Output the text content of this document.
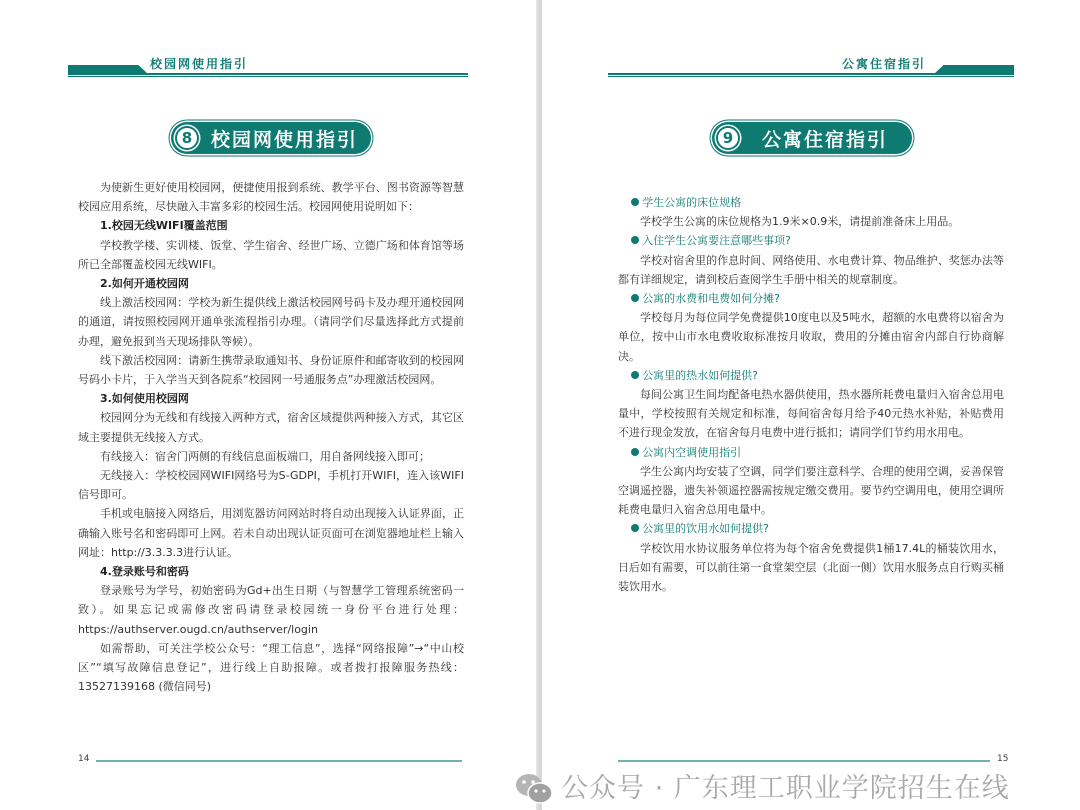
校园网使用指引
8 校园网使用指引

为使新生更好使用校园网，便捷使用报到系统、教学平台、图书资源等智慧校园应用系统，尽快融入丰富多彩的校园生活。校园网使用说明如下：

1.校园无线WIFI覆盖范围

学校教学楼、实训楼、饭堂、学生宿舍、经世广场、立德广场和体育馆等场所已全部覆盖校园无线WIFI。

2.如何开通校园网

线上激活校园网：学校为新生提供线上激活校园网号码卡及办理开通校园网的通道，请按照校园网开通单张流程指引办理。（请同学们尽量选择此方式提前办理，避免报到当天现场排队等候）。

线下激活校园网：请新生携带录取通知书、身份证原件和邮寄收到的校园网号码小卡片，于入学当天到各院系“校园网一号通服务点”办理激活校园网。

3.如何使用校园网

校园网分为无线和有线接入两种方式，宿舍区域提供两种接入方式，其它区域主要提供无线接入方式。

有线接入：宿舍门两侧的有线信息面板端口，用自备网线接入即可；

无线接入：学校校园网WIFI网络号为S-GDPI，手机打开WIFI，连入该WIFI信号即可。

手机或电脑接入网络后，用浏览器访问网站时将自动出现接入认证界面，正确输入账号名和密码即可上网。若未自动出现认证页面可在浏览器地址栏上输入网址：http://3.3.3.3进行认证。

4.登录账号和密码

登录账号为学号，初始密码为Gd+出生日期（与智慧学工管理系统密码一致）。如果忘记或需修改密码请登录校园统一身份平台进行处理：https://authserver.ougd.cn/authserver/login

如需帮助，可关注学校公众号：“理工信息”，选择“网络报障”→“中山校区”“填写故障信息登记”，进行线上自助报障。或者拨打报障服务热线：13527139168 (微信同号)

14
公寓住宿指引
9	公寓住宿指引

学生公寓的床位规格

学校学生公寓的床位规格为1.9米×0.9米，请提前准备床上用品。

入住学生公寓要注意哪些事项?

学校对宿舍里的作息时间、网络使用、水电费计算、物品维护、奖惩办法等都有详细规定，请到校后查阅学生手册中相关的规章制度。

公寓的水费和电费如何分摊?

学校每月为每位同学免费提供10度电以及5吨水，超额的水电费将以宿舍为单位，按中山市水电费收取标准按月收取，费用的分摊由宿舍内部自行协商解决。

公寓里的热水如何提供?

每间公寓卫生间均配备电热水器供使用，热水器所耗费电量归入宿舍总用电量中，学校按照有关规定和标准，每间宿舍每月给予40元热水补贴，补贴费用不进行现金发放，在宿舍每月电费中进行抵扣；请同学们节约用水用电。

公寓内空调使用指引

学生公寓内均安装了空调，同学们要注意科学、合理的使用空调，妥善保管空调遥控器，遗失补领遥控器需按规定缴交费用。要节约空调用电，使用空调所耗费电量归入宿舍总用电量中。

公寓里的饮用水如何提供?

学校饮用水协议服务单位将为每个宿舍免费提供1桶17.4L的桶装饮用水，日后如有需要，可以前往第一食堂架空层（北面一侧）饮用水服务点自行购买桶装饮用水。

15
公众号 · 广东理工职业学院招生在线
